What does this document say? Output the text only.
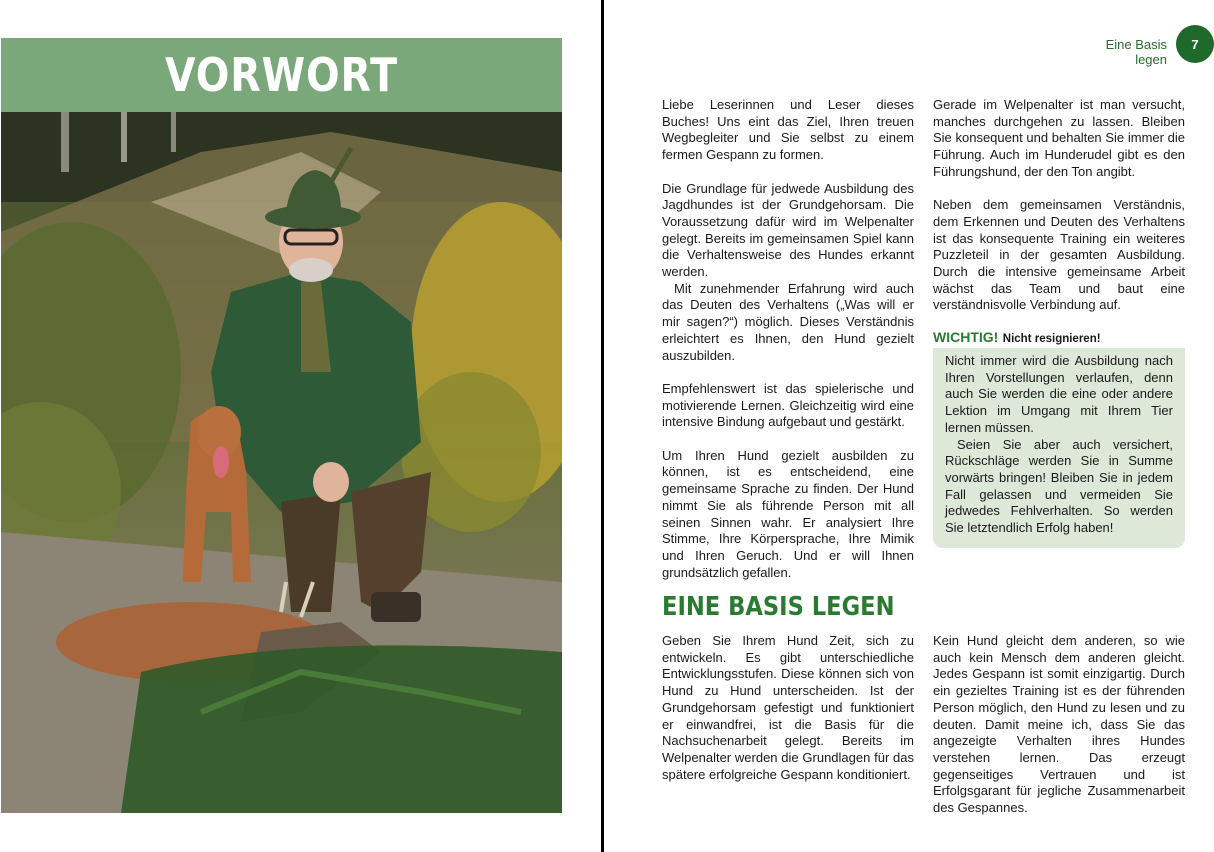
VORWORT
Eine Basis legen
7

Liebe Leserinnen und Leser dieses Buches! Uns eint das Ziel, Ihren treuen Wegbegleiter und Sie selbst zu einem fermen Gespann zu formen.

Die Grundlage für jedwede Ausbildung des Jagdhundes ist der Grundgehorsam. Die Voraussetzung dafür wird im Welpenalter gelegt. Bereits im gemeinsamen Spiel kann die Verhaltensweise des Hundes erkannt werden.

Mit zunehmender Erfahrung wird auch das Deuten des Verhaltens („Was will er mir sagen?“) möglich. Dieses Verständnis erleichtert es Ihnen, den Hund gezielt auszubilden.

Empfehlenswert ist das spielerische und motivierende Lernen. Gleichzeitig wird eine intensive Bindung aufgebaut und gestärkt.

Um Ihren Hund gezielt ausbilden zu können, ist es entscheidend, eine gemeinsame Sprache zu finden. Der Hund nimmt Sie als führende Person mit all seinen Sinnen wahr. Er analysiert Ihre Stimme, Ihre Körpersprache, Ihre Mimik und Ihren Geruch. Und er will Ihnen grundsätzlich gefallen.

Gerade im Welpenalter ist man versucht, manches durchgehen zu lassen. Bleiben Sie konsequent und behalten Sie immer die Führung. Auch im Hunderudel gibt es den Führungshund, der den Ton angibt.

Neben dem gemeinsamen Verständnis, dem Erkennen und Deuten des Verhaltens ist das konsequente Training ein weiteres Puzzleteil in der gesamten Ausbildung. Durch die intensive gemeinsame Arbeit wächst das Team und baut eine verständnisvolle Verbindung auf.

WICHTIG! Nicht resignieren!

Nicht immer wird die Ausbildung nach Ihren Vorstellungen verlaufen, denn auch Sie werden die eine oder andere Lektion im Umgang mit Ihrem Tier lernen müssen.

Seien Sie aber auch versichert, Rückschläge werden Sie in Summe vorwärts bringen! Bleiben Sie in jedem Fall gelassen und vermeiden Sie jedwedes Fehlverhalten. So werden Sie letztendlich Erfolg haben!

EINE BASIS LEGEN

Geben Sie Ihrem Hund Zeit, sich zu entwickeln. Es gibt unterschiedliche Entwicklungsstufen. Diese können sich von Hund zu Hund unterscheiden. Ist der Grundgehorsam gefestigt und funktioniert er einwandfrei, ist die Basis für die Nachsuchenarbeit gelegt. Bereits im Welpenalter werden die Grundlagen für das spätere erfolgreiche Gespann konditioniert.

Kein Hund gleicht dem anderen, so wie auch kein Mensch dem anderen gleicht. Jedes Gespann ist somit einzigartig. Durch ein gezieltes Training ist es der führenden Person möglich, den Hund zu lesen und zu deuten. Damit meine ich, dass Sie das angezeigte Verhalten ihres Hundes verstehen lernen. Das erzeugt gegenseitiges Vertrauen und ist Erfolgsgarant für jegliche Zusammenarbeit des Gespannes.
